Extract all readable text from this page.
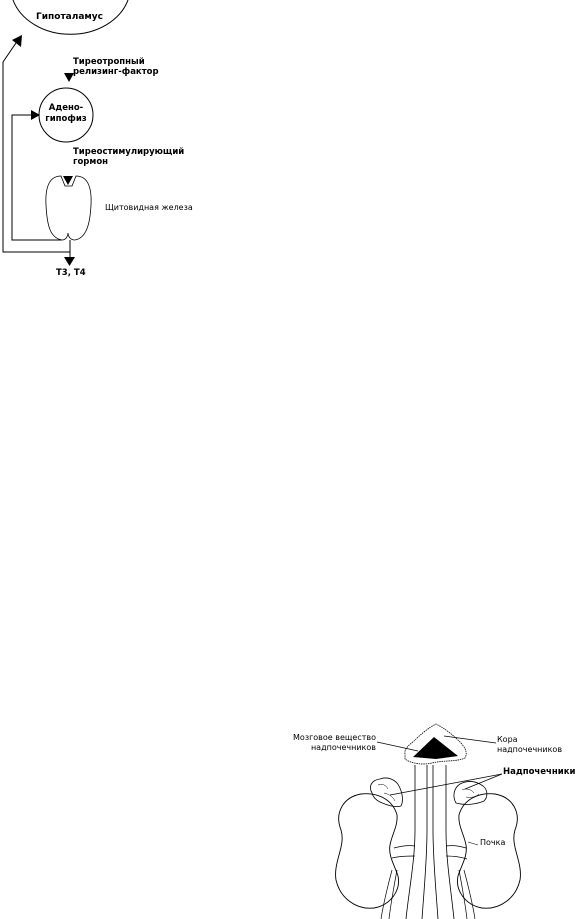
Гипоталамус
Тиреотропный
релизинг-фактор
Адено-
гипофиз
Тиреостимулирующий
гормон
Щитовидная железа
Т3, Т4
Мозговое вещество
надпочечников
Кора
надпочечников
Надпочечники
Почка
